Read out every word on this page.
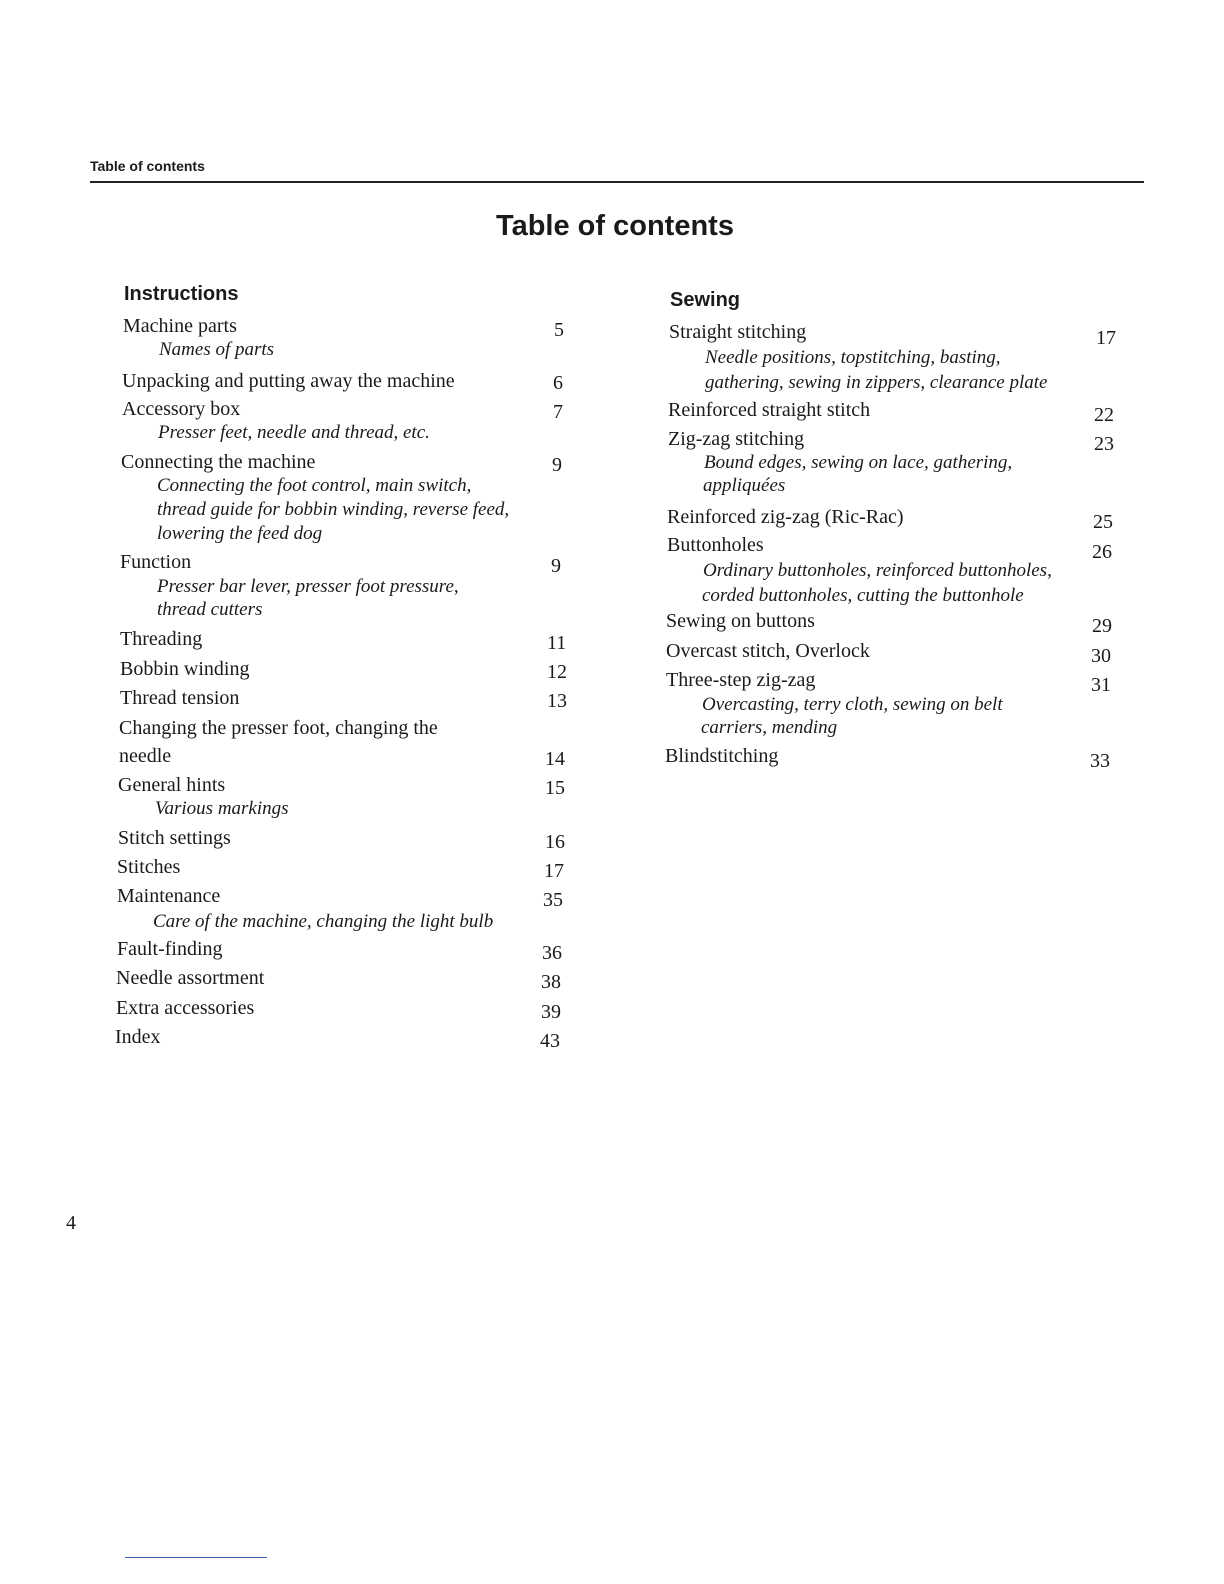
Table of contents
Table of contents
Instructions
Machine parts	5
Names of parts
Unpacking and putting away the machine	6
Accessory box	7
Presser feet, needle and thread, etc.
Connecting the machine	9
Connecting the foot control, main switch,
thread guide for bobbin winding, reverse feed,
lowering the feed dog
Function	9
Presser bar lever, presser foot pressure,
thread cutters
Threading	11
Bobbin winding	12
Thread tension	13
Changing the presser foot, changing the
needle	14
General hints	15
Various markings
Stitch settings	16
Stitches	17
Maintenance	35
Care of the machine, changing the light bulb
Fault-finding	36
Needle assortment	38
Extra accessories	39
Index	43
Sewing
Straight stitching	17
Needle positions, topstitching, basting,
gathering, sewing in zippers, clearance plate
Reinforced straight stitch	22
Zig-zag stitching	23
Bound edges, sewing on lace, gathering,
appliquées
Reinforced zig-zag (Ric-Rac)	25
Buttonholes	26
Ordinary buttonholes, reinforced buttonholes,
corded buttonholes, cutting the buttonhole
Sewing on buttons	29
Overcast stitch, Overlock	30
Three-step zig-zag	31
Overcasting, terry cloth, sewing on belt
carriers, mending
Blindstitching	33
4
